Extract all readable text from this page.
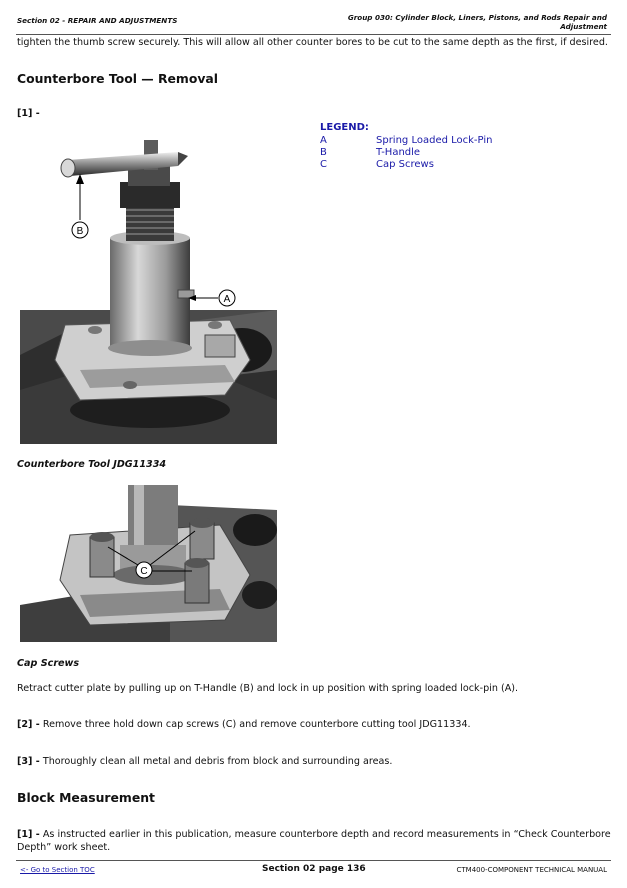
Section 02 - REPAIR AND ADJUSTMENTS	Group 030: Cylinder Block, Liners, Pistons, and Rods Repair and Adjustment
tighten the thumb screw securely. This will allow all other counter bores to be cut to the same depth as the first, if desired.
Counterbore Tool — Removal
[1] -
B
A
LEGEND:
A	Spring Loaded Lock-Pin
B	T-Handle
C	Cap Screws
Counterbore Tool JDG11334
C
Cap Screws
Retract cutter plate by pulling up on T-Handle (B) and lock in up position with spring loaded lock-pin (A).
[2] - Remove three hold down cap screws (C) and remove counterbore cutting tool JDG11334.
[3] - Thoroughly clean all metal and debris from block and surrounding areas.
Block Measurement
[1] - As instructed earlier in this publication, measure counterbore depth and record measurements in “Check Counterbore Depth” work sheet.
<- Go to Section TOC	Section 02 page 136	CTM400-COMPONENT TECHNICAL MANUAL
